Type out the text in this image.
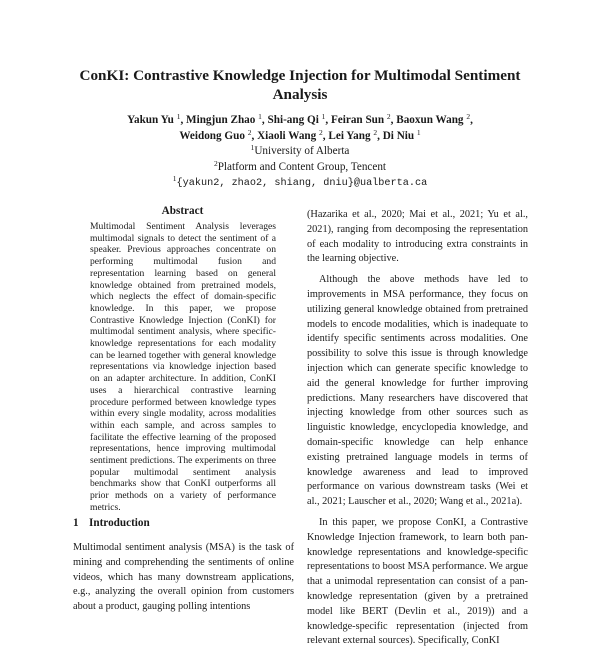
ConKI: Contrastive Knowledge Injection for Multimodal Sentiment Analysis
Yakun Yu $^1$, Mingjun Zhao $^1$, Shi-ang Qi $^1$, Feiran Sun $^2$, Baoxun Wang $^2$,
Weidong Guo $^2$, Xiaoli Wang $^2$, Lei Yang $^2$, Di Niu $^1$
$^1$University of Alberta
$^2$Platform and Content Group, Tencent
$^1${yakun2, zhao2, shiang, dniu}@ualberta.ca
Abstract

Multimodal Sentiment Analysis leverages multimodal signals to detect the sentiment of a speaker. Previous approaches concentrate on performing multimodal fusion and representation learning based on general knowledge obtained from pretrained models, which neglects the effect of domain-specific knowledge. In this paper, we propose Contrastive Knowledge Injection (ConKI) for multimodal sentiment analysis, where specific-knowledge representations for each modality can be learned together with general knowledge representations via knowledge injection based on an adapter architecture. In addition, ConKI uses a hierarchical contrastive learning procedure performed between knowledge types within every single modality, across modalities within each sample, and across samples to facilitate the effective learning of the proposed representations, hence improving multimodal sentiment predictions. The experiments on three popular multimodal sentiment analysis benchmarks show that ConKI outperforms all prior methods on a variety of performance metrics.

1 Introduction

Multimodal sentiment analysis (MSA) is the task of mining and comprehending the sentiments of online videos, which has many downstream applications, e.g., analyzing the overall opinion from customers about a product, gauging polling intentions

(Hazarika et al., 2020; Mai et al., 2021; Yu et al., 2021), ranging from decomposing the representation of each modality to introducing extra constraints in the learning objective.

Although the above methods have led to improvements in MSA performance, they focus on utilizing general knowledge obtained from pretrained models to encode modalities, which is inadequate to identify specific sentiments across modalities. One possibility to solve this issue is through knowledge injection which can generate specific knowledge to aid the general knowledge for further improving predictions. Many researchers have discovered that injecting knowledge from other sources such as linguistic knowledge, encyclopedia knowledge, and domain-specific knowledge can help enhance existing pretrained language models in terms of knowledge awareness and lead to improved performance on various downstream tasks (Wei et al., 2021; Lauscher et al., 2020; Wang et al., 2021a).

In this paper, we propose ConKI, a Contrastive Knowledge Injection framework, to learn both pan-knowledge representations and knowledge-specific representations to boost MSA performance. We argue that a unimodal representation can consist of a pan-knowledge representation (given by a pretrained model like BERT (Devlin et al., 2019)) and a knowledge-specific representation (injected from relevant external sources). Specifically, ConKI
